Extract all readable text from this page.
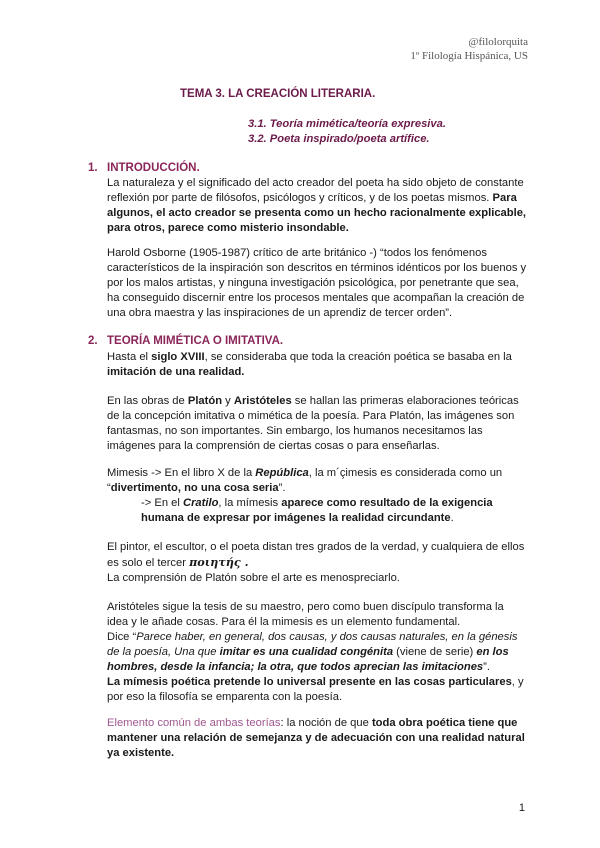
@filolorquita
1º Filología Hispánica, US
TEMA 3. LA CREACIÓN LITERARIA.
3.1. Teoría mimética/teoría expresiva.
3.2. Poeta inspirado/poeta artífice.
1. INTRODUCCIÓN.

La naturaleza y el significado del acto creador del poeta ha sido objeto de constante reflexión por parte de filósofos, psicólogos y críticos, y de los poetas mismos. Para algunos, el acto creador se presenta como un hecho racionalmente explicable, para otros, parece como misterio insondable.

Harold Osborne (1905-1987) crítico de arte británico -) “todos los fenómenos característicos de la inspiración son descritos en términos idénticos por los buenos y por los malos artistas, y ninguna investigación psicológica, por penetrante que sea, ha conseguido discernir entre los procesos mentales que acompañan la creación de una obra maestra y las inspiraciones de un aprendiz de tercer orden”.

2. TEORÍA MIMÉTICA O IMITATIVA.

Hasta el siglo XVIII, se consideraba que toda la creación poética se basaba en la imitación de una realidad.

En las obras de Platón y Aristóteles se hallan las primeras elaboraciones teóricas de la concepción imitativa o mimética de la poesía. Para Platón, las imágenes son fantasmas, no son importantes. Sin embargo, los humanos necesitamos las imágenes para la comprensión de ciertas cosas o para enseñarlas.

Mimesis -> En el libro X de la República, la m´çimesis es considerada como un “divertimento, no una cosa seria”.

-> En el Cratilo, la mímesis aparece como resultado de la exigencia humana de expresar por imágenes la realidad circundante.

El pintor, el escultor, o el poeta distan tres grados de la verdad, y cualquiera de ellos es solo el tercer ποιητής .

La comprensión de Platón sobre el arte es menospreciarlo.

Aristóteles sigue la tesis de su maestro, pero como buen discípulo transforma la idea y le añade cosas. Para él la mimesis es un elemento fundamental.

Dice “Parece haber, en general, dos causas, y dos causas naturales, en la génesis de la poesía, Una que imitar es una cualidad congénita (viene de serie) en los hombres, desde la infancia; la otra, que todos aprecian las imitaciones”.

La mímesis poética pretende lo universal presente en las cosas particulares, y por eso la filosofía se emparenta con la poesía.

Elemento común de ambas teorías: la noción de que toda obra poética tiene que mantener una relación de semejanza y de adecuación con una realidad natural ya existente.

1
